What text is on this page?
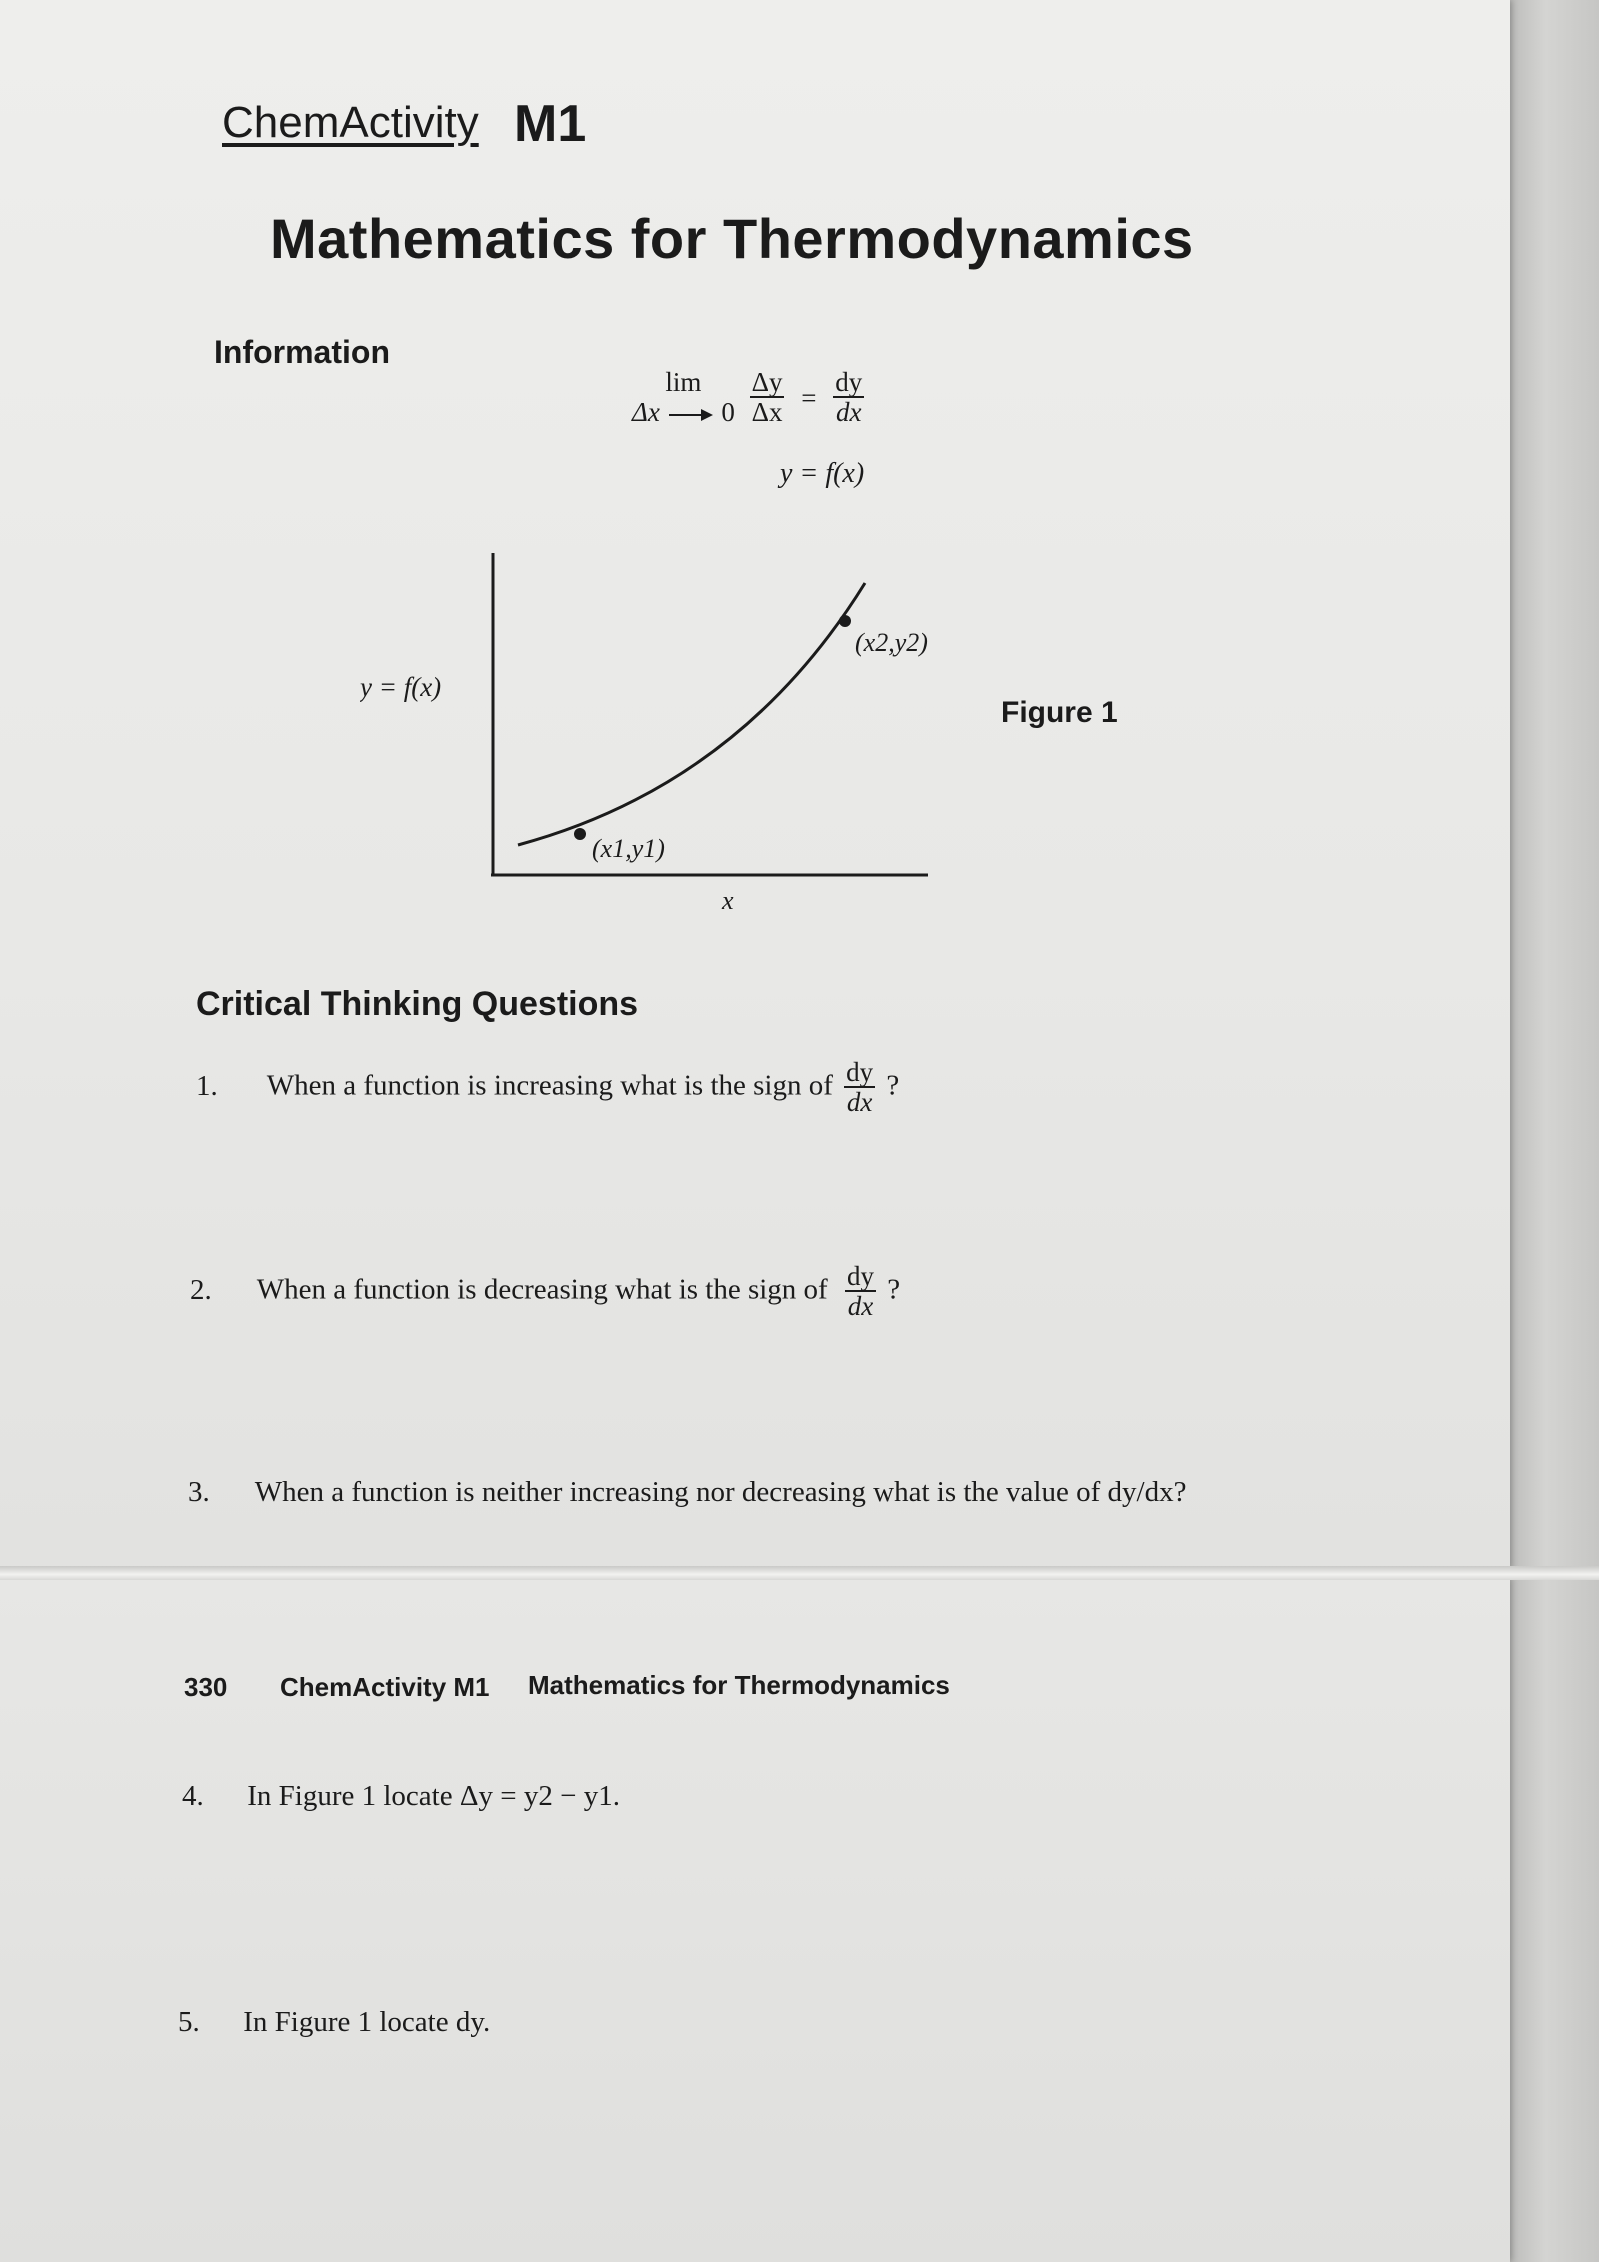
ChemActivity M1
Mathematics for Thermodynamics
Information
lim
Δx 0
$\frac{\Delta y}{\Delta x} = \frac{dy}{dx}$
y = f(x)
(x1,y1)
(x2,y2)
y = f(x)
x
Figure 1
Critical Thinking Questions
1. When a function is increasing what is the sign of $\frac{dy}{dx}$ ?
2. When a function is decreasing what is the sign of $\frac{dy}{dx}$ ?
3. When a function is neither increasing nor decreasing what is the value of dy/dx?
330 ChemActivity M1 Mathematics for Thermodynamics
4. In Figure 1 locate Δy = y2 − y1.
5. In Figure 1 locate dy.
